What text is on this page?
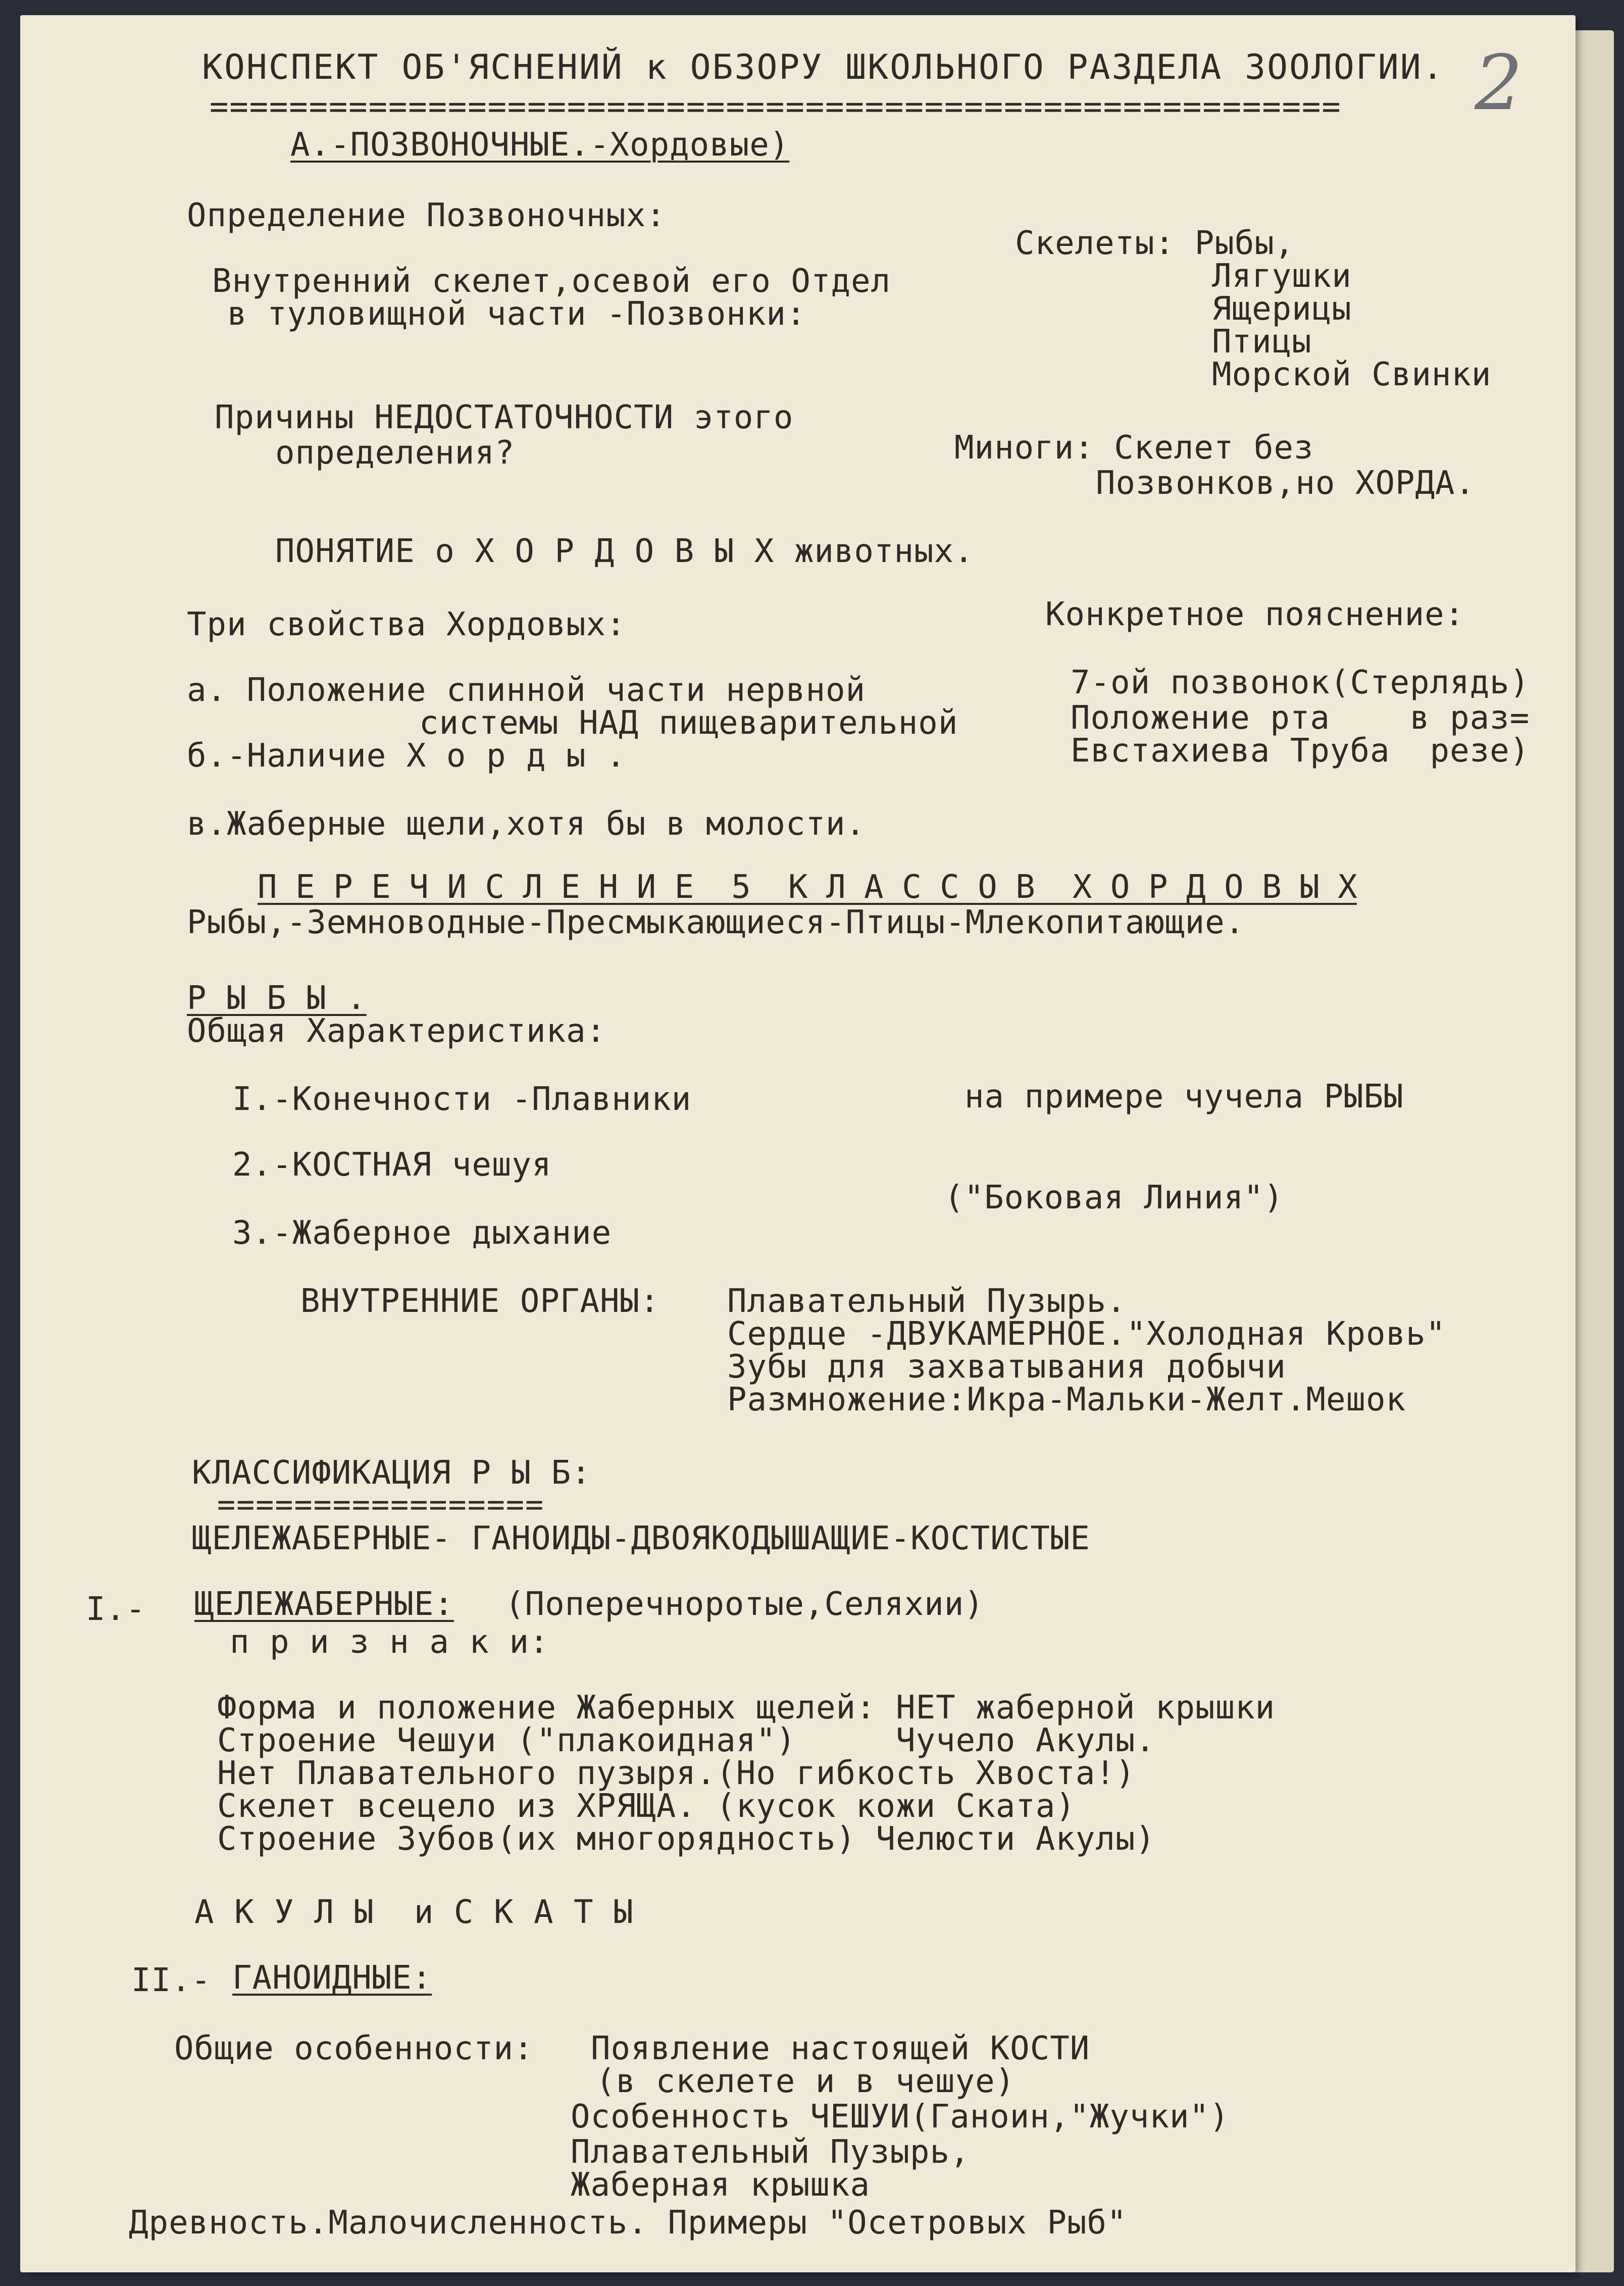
2
КОНСПЕКТ ОБ'ЯСНЕНИЙ к ОБЗОРУ ШКОЛЬНОГО РАЗДЕЛА ЗООЛОГИИ.
=========================================================
А.-ПОЗВОНОЧНЫЕ.-Хордовые)
Определение Позвоночных:
Скелеты: Рыбы,
Лягушки
Ящерицы
Птицы
Морской Свинки
Внутренний скелет,осевой его Отдел
в туловищной части -Позвонки:
Причины НЕДОСТАТОЧНОСТИ этого
определения?	Миноги: Скелет без
Позвонков,но ХОРДА.
ПОНЯТИЕ о Х О Р Д О В Ы Х животных.
Три свойства Хордовых:	Конкретное пояснение:
а. Положение спинной части нервной
системы НАД пищеварительной
б.-Наличие Х о р д ы .
7-ой позвонок(Стерлядь)
Положение рта    в раз=
Евстахиева Труба  резе)
в.Жаберные щели,хотя бы в молости.
П Е Р Е Ч И С Л Е Н И Е  5  К Л А С С О В  Х О Р Д О В Ы Х
Рыбы,-Земноводные-Пресмыкающиеся-Птицы-Млекопитающие.
Р Ы Б Ы .
Общая Характеристика:
I.-Конечности -Плавники	на примере чучела РЫБЫ
2.-КОСТНАЯ чешуя
("Боковая Линия")
3.-Жаберное дыхание
ВНУТРЕННИЕ ОРГАНЫ: Плавательный Пузырь.
Сердце -ДВУКАМЕРНОЕ."Холодная Кровь"
Зубы для захватывания добычи
Размножение:Икра-Мальки-Желт.Мешок
КЛАССИФИКАЦИЯ Р Ы Б:
=================
ЩЕЛЕЖАБЕРНЫЕ- ГАНОИДЫ-ДВОЯКОДЫШАЩИЕ-КОСТИСТЫЕ
I.- ЩЕЛЕЖАБЕРНЫЕ: (Поперечноротые,Селяхии)
п р и з н а к и:
Форма и положение Жаберных щелей: НЕТ жаберной крышки
Строение Чешуи ("плакоидная")     Чучело Акулы.
Нет Плавательного пузыря.(Но гибкость Хвоста!)
Скелет всецело из ХРЯЩА. (кусок кожи Ската)
Строение Зубов(их многорядность) Челюсти Акулы)
А К У Л Ы  и С К А Т Ы
II.- ГАНОИДНЫЕ:
Общие особенности: Появление настоящей КОСТИ
(в скелете и в чешуе)
Особенность ЧЕШУИ(Ганоин,"Жучки")
Плавательный Пузырь,
Жаберная крышка
Древность.Малочисленность. Примеры "Осетровых Рыб"
